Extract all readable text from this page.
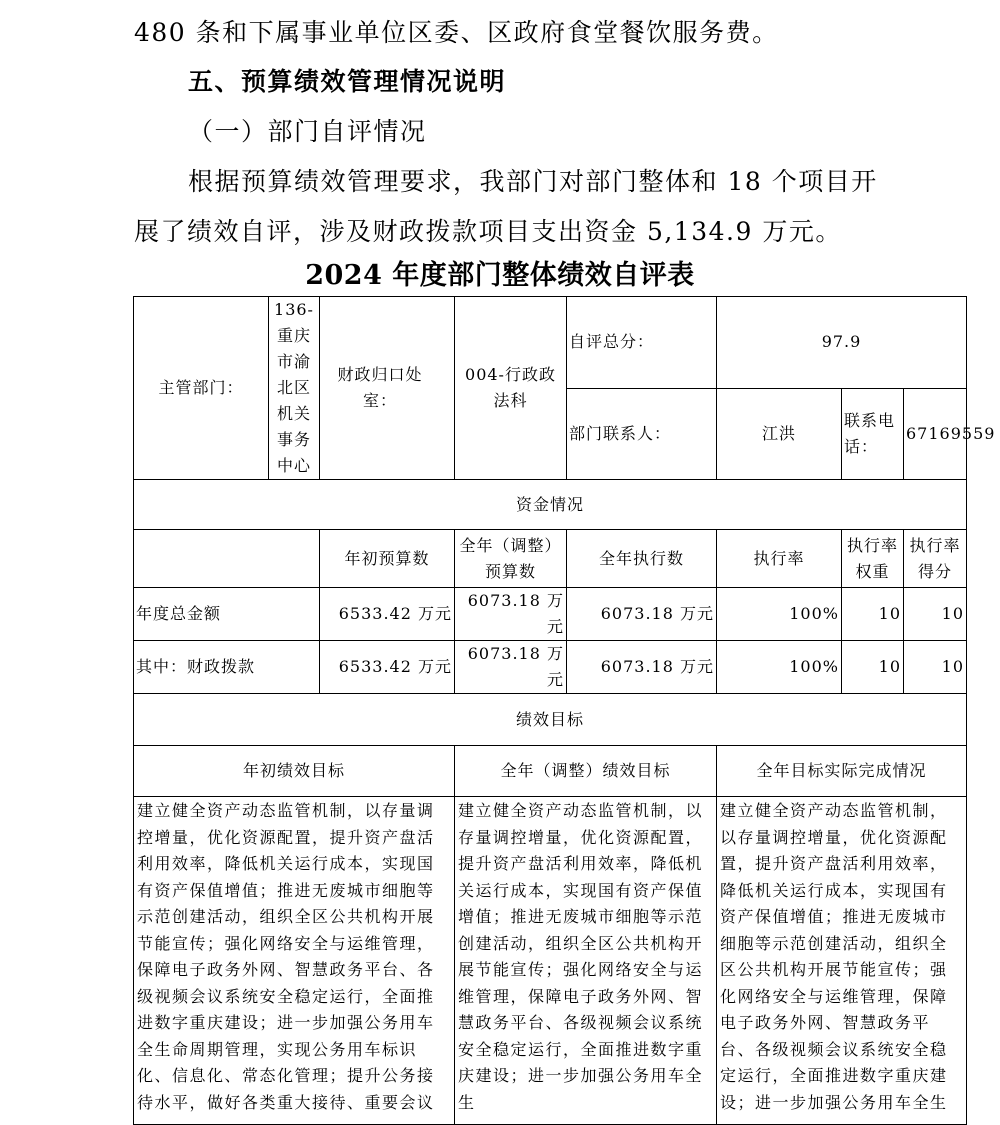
480 条和下属事业单位区委、区政府食堂餐饮服务费。

五、预算绩效管理情况说明

（一）部门自评情况

根据预算绩效管理要求，我部门对部门整体和 18 个项目开

展了绩效自评，涉及财政拨款项目支出资金 5,134.9 万元。

2024 年度部门整体绩效自评表
主管部门：	136-重庆市渝北区机关事务中心	财政归口处室：	004-行政政法科	自评总分：	97.9		
				部门联系人：	江洪	联系电话：	67169559
资金情况							
		年初预算数	全年（调整）预算数	全年执行数	执行率	执行率权重	执行率得分
年度总金额		6533.42 万元	6073.18 万元	6073.18 万元	100%	10	10
其中：财政拨款		6533.42 万元	6073.18 万元	6073.18 万元	100%	10	10
绩效目标							
年初绩效目标			全年（调整）绩效目标		全年目标实际完成情况		
建立健全资产动态监管机制，以存量调控增量，优化资源配置，提升资产盘活利用效率，降低机关运行成本，实现国有资产保值增值；推进无废城市细胞等示范创建活动，组织全区公共机构开展节能宣传；强化网络安全与运维管理，保障电子政务外网、智慧政务平台、各级视频会议系统安全稳定运行，全面推进数字重庆建设；进一步加强公务用车全生命周期管理，实现公务用车标识化、信息化、常态化管理；提升公务接待水平，做好各类重大接待、重要会议			建立健全资产动态监管机制，以存量调控增量，优化资源配置，提升资产盘活利用效率，降低机关运行成本，实现国有资产保值增值；推进无废城市细胞等示范创建活动，组织全区公共机构开展节能宣传；强化网络安全与运维管理，保障电子政务外网、智慧政务平台、各级视频会议系统安全稳定运行，全面推进数字重庆建设；进一步加强公务用车全生		建立健全资产动态监管机制，以存量调控增量，优化资源配置，提升资产盘活利用效率，降低机关运行成本，实现国有资产保值增值；推进无废城市细胞等示范创建活动，组织全区公共机构开展节能宣传；强化网络安全与运维管理，保障电子政务外网、智慧政务平台、各级视频会议系统安全稳定运行，全面推进数字重庆建设；进一步加强公务用车全生		
